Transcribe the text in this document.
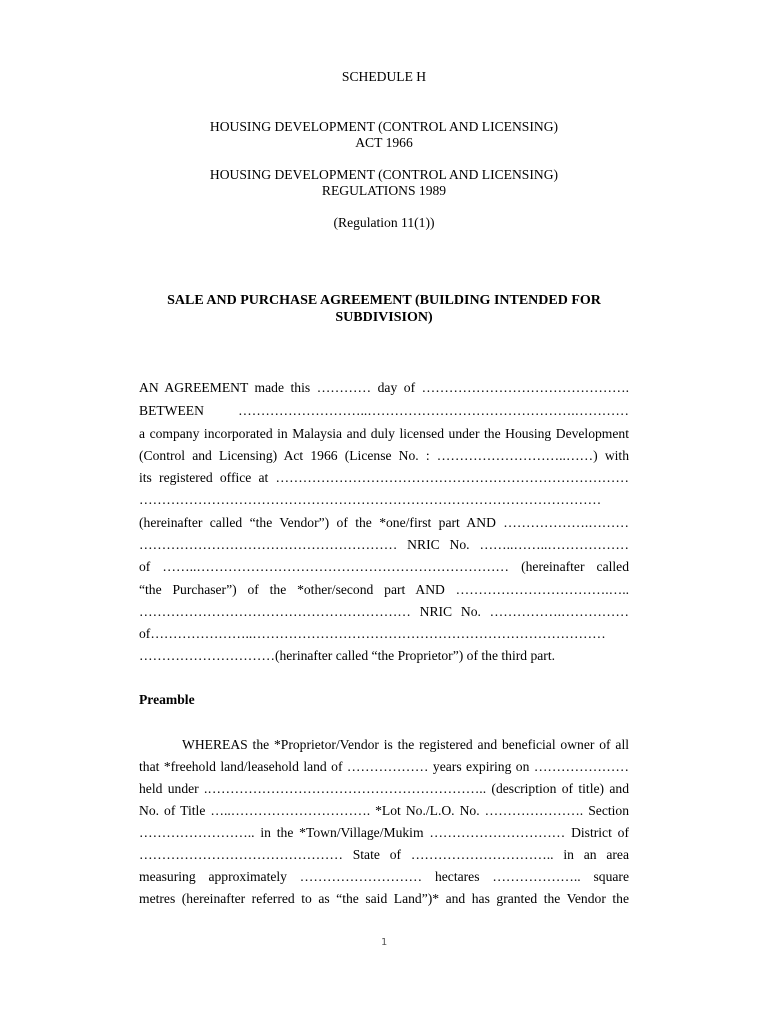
SCHEDULE H
HOUSING DEVELOPMENT (CONTROL AND LICENSING)
ACT 1966
HOUSING DEVELOPMENT (CONTROL AND LICENSING)
REGULATIONS 1989
(Regulation 11(1))
SALE AND PURCHASE AGREEMENT (BUILDING INTENDED FOR
SUBDIVISION)
AN AGREEMENT made this ………… day of ……………………………………….
BETWEEN ………………………..……………………………………….…………
a company incorporated in Malaysia and duly licensed under the Housing Development
(Control and Licensing) Act 1966 (License No. : ………………………..……) with
its registered office at ……………………………………………………………………
…………………………………………………………………………………………
(hereinafter called “the Vendor”) of the *one/first part AND ……………….………
………………………………………………… NRIC No. ……..……..………………
of ……..…………………………………………………………… (hereinafter called
“the Purchaser”) of the *other/second part AND …………………………….…..
…………………………………………………… NRIC No. …………….……………
of…………………..……………………………………………………………………
…………………………(herinafter called “the Proprietor”) of the third part.
Preamble
WHEREAS the *Proprietor/Vendor is the registered and beneficial owner of all
that *freehold land/leasehold land of ……………… years expiring on …………………
held under .…………………………………………………….. (description of title) and
No. of Title …..…………………………. *Lot No./L.O. No. …………………. Section
…………………….. in the *Town/Village/Mukim ………………………… District of
……………………………………… State of ………………………….. in an area
measuring approximately ……………………… hectares ……………….. square
metres (hereinafter referred to as “the said Land”)* and has granted the Vendor the
1
